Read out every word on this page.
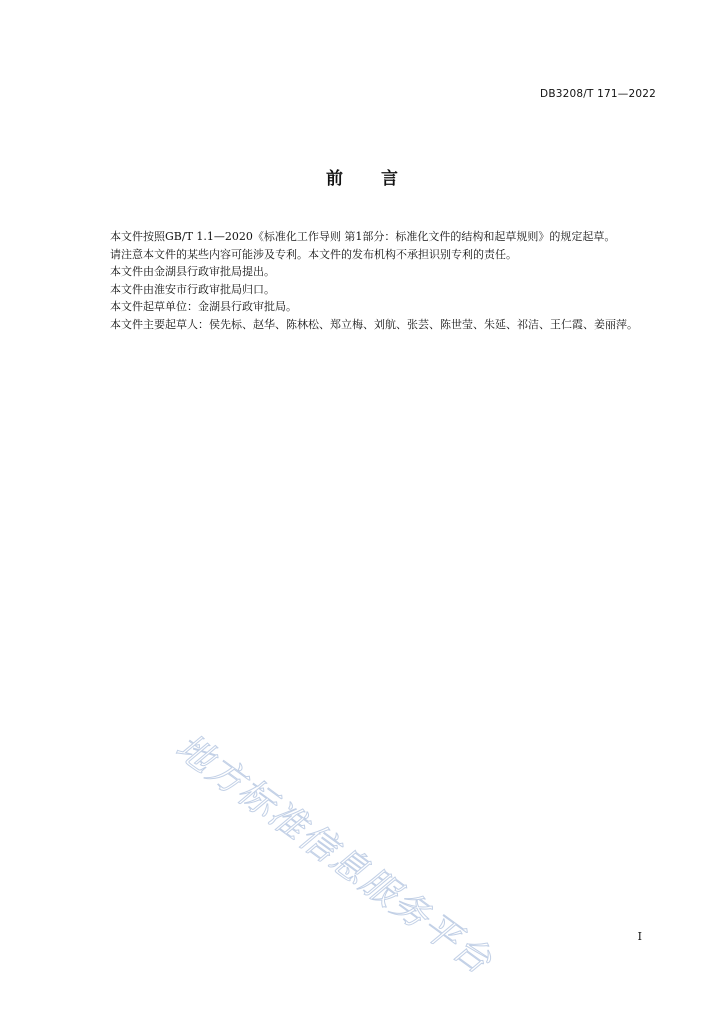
DB3208/T 171—2022
前 言

本文件按照GB/T 1.1—2020《标准化工作导则 第1部分：标准化文件的结构和起草规则》的规定起草。

请注意本文件的某些内容可能涉及专利。本文件的发布机构不承担识别专利的责任。

本文件由金湖县行政审批局提出。

本文件由淮安市行政审批局归口。

本文件起草单位：金湖县行政审批局。

本文件主要起草人：侯先标、赵华、陈林松、郑立梅、刘航、张芸、陈世莹、朱延、祁洁、王仁霞、姜丽萍。

地方标准信息服务平台	I
